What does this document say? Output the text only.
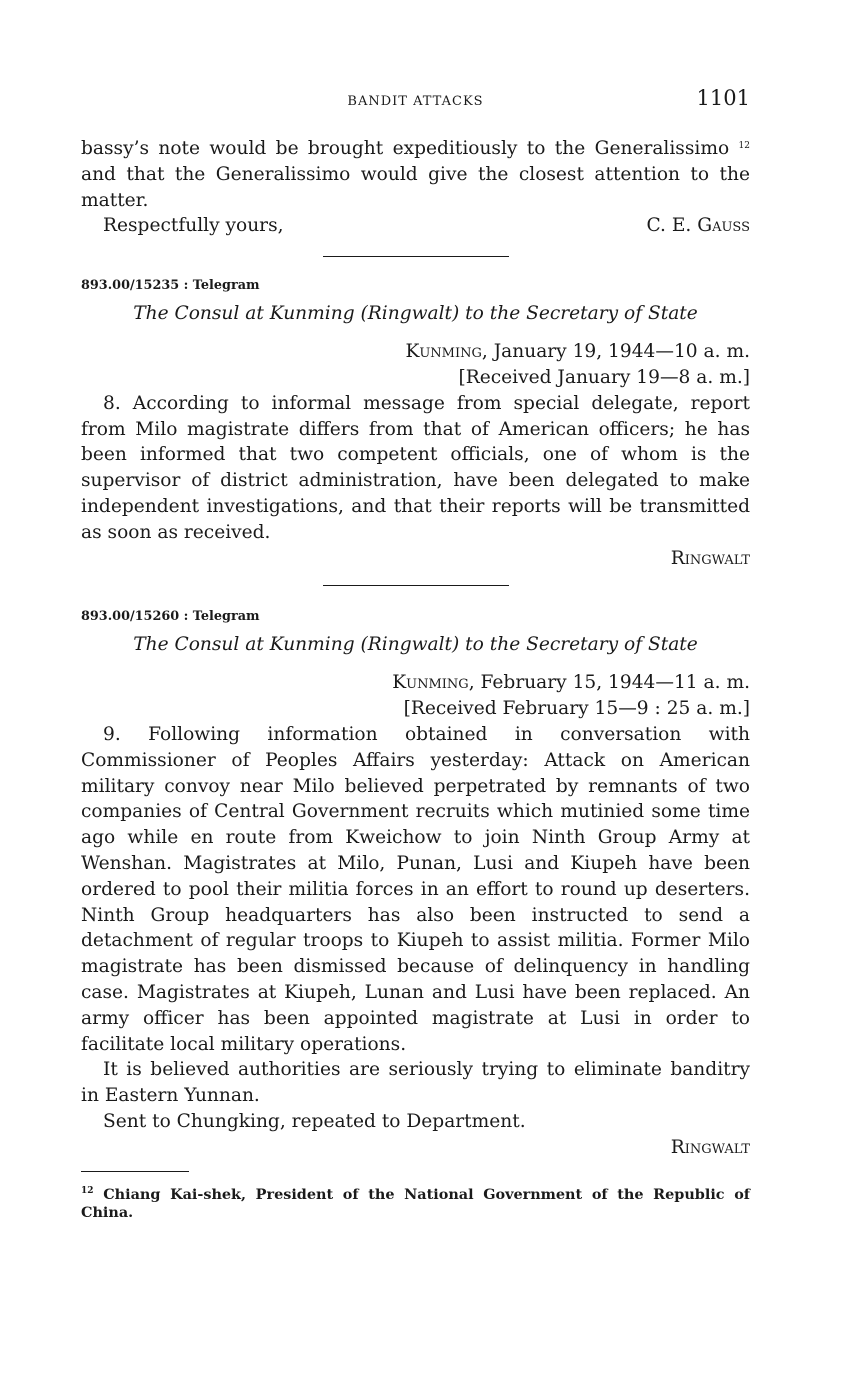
BANDIT ATTACKS	1101

bassy’s note would be brought expeditiously to the Generalissimo $^{12}$ and that the Generalissimo would give the closest attention to the matter.

Respectfully yours,	C. E. Gauss

893.00/15235 : Telegram

The Consul at Kunming (Ringwalt) to the Secretary of State

Kunming, January 19, 1944—10 a. m.

[Received January 19—8 a. m.]

8. According to informal message from special delegate, report from Milo magistrate differs from that of American officers; he has been informed that two competent officials, one of whom is the supervisor of district administration, have been delegated to make independent investigations, and that their reports will be transmitted as soon as received.

Ringwalt

893.00/15260 : Telegram

The Consul at Kunming (Ringwalt) to the Secretary of State

Kunming, February 15, 1944—11 a. m.

[Received February 15—9 : 25 a. m.]

9. Following information obtained in conversation with Commissioner of Peoples Affairs yesterday: Attack on American military convoy near Milo believed perpetrated by remnants of two companies of Central Government recruits which mutinied some time ago while en route from Kweichow to join Ninth Group Army at Wenshan. Magistrates at Milo, Punan, Lusi and Kiupeh have been ordered to pool their militia forces in an effort to round up deserters. Ninth Group headquarters has also been instructed to send a detachment of regular troops to Kiupeh to assist militia. Former Milo magistrate has been dismissed because of delinquency in handling case. Magistrates at Kiupeh, Lunan and Lusi have been replaced. An army officer has been appointed magistrate at Lusi in order to facilitate local military operations.

It is believed authorities are seriously trying to eliminate banditry in Eastern Yunnan.

Sent to Chungking, repeated to Department.

Ringwalt

$^{12}$ Chiang Kai-shek, President of the National Government of the Republic of China.
